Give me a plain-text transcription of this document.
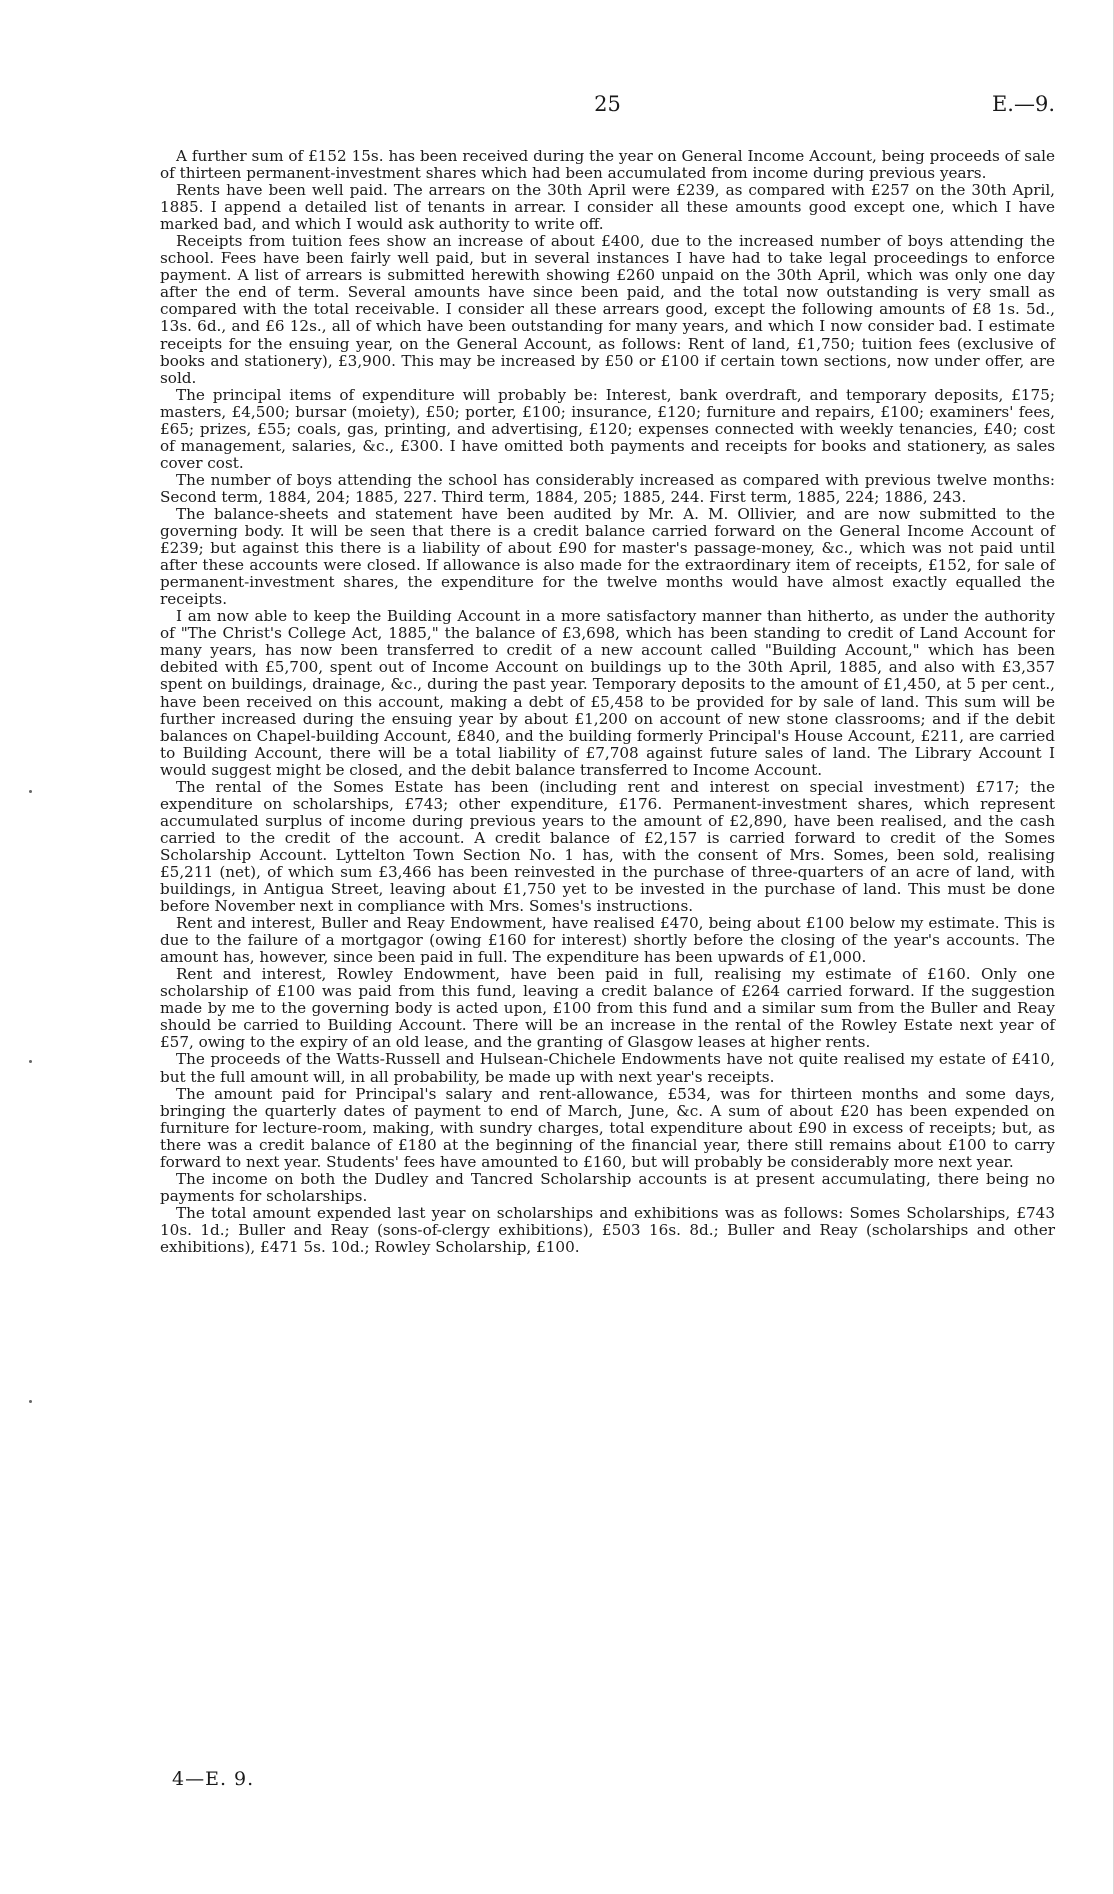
25	E.—9.

A further sum of £152 15s. has been received during the year on General Income Account, being proceeds of sale of thirteen permanent-investment shares which had been accumulated from income during previous years.

Rents have been well paid. The arrears on the 30th April were £239, as compared with £257 on the 30th April, 1885. I append a detailed list of tenants in arrear. I consider all these amounts good except one, which I have marked bad, and which I would ask authority to write off.

Receipts from tuition fees show an increase of about £400, due to the increased number of boys attending the school. Fees have been fairly well paid, but in several instances I have had to take legal proceedings to enforce payment. A list of arrears is submitted herewith showing £260 unpaid on the 30th April, which was only one day after the end of term. Several amounts have since been paid, and the total now outstanding is very small as compared with the total receivable. I consider all these arrears good, except the following amounts of £8 1s. 5d., 13s. 6d., and £6 12s., all of which have been outstanding for many years, and which I now consider bad. I estimate receipts for the ensuing year, on the General Account, as follows: Rent of land, £1,750; tuition fees (exclusive of books and stationery), £3,900. This may be increased by £50 or £100 if certain town sections, now under offer, are sold.

The principal items of expenditure will probably be: Interest, bank overdraft, and temporary deposits, £175; masters, £4,500; bursar (moiety), £50; porter, £100; insurance, £120; furniture and repairs, £100; examiners' fees, £65; prizes, £55; coals, gas, printing, and advertising, £120; expenses connected with weekly tenancies, £40; cost of management, salaries, &c., £300. I have omitted both payments and receipts for books and stationery, as sales cover cost.

The number of boys attending the school has considerably increased as compared with previous twelve months: Second term, 1884, 204; 1885, 227. Third term, 1884, 205; 1885, 244. First term, 1885, 224; 1886, 243.

The balance-sheets and statement have been audited by Mr. A. M. Ollivier, and are now submitted to the governing body. It will be seen that there is a credit balance carried forward on the General Income Account of £239; but against this there is a liability of about £90 for master's passage-money, &c., which was not paid until after these accounts were closed. If allowance is also made for the extraordinary item of receipts, £152, for sale of permanent-investment shares, the expenditure for the twelve months would have almost exactly equalled the receipts.

I am now able to keep the Building Account in a more satisfactory manner than hitherto, as under the authority of "The Christ's College Act, 1885," the balance of £3,698, which has been standing to credit of Land Account for many years, has now been transferred to credit of a new account called "Building Account," which has been debited with £5,700, spent out of Income Account on buildings up to the 30th April, 1885, and also with £3,357 spent on buildings, drainage, &c., during the past year. Temporary deposits to the amount of £1,450, at 5 per cent., have been received on this account, making a debt of £5,458 to be provided for by sale of land. This sum will be further increased during the ensuing year by about £1,200 on account of new stone classrooms; and if the debit balances on Chapel-building Account, £840, and the building formerly Principal's House Account, £211, are carried to Building Account, there will be a total liability of £7,708 against future sales of land. The Library Account I would suggest might be closed, and the debit balance transferred to Income Account.

The rental of the Somes Estate has been (including rent and interest on special investment) £717; the expenditure on scholarships, £743; other expenditure, £176. Permanent-investment shares, which represent accumulated surplus of income during previous years to the amount of £2,890, have been realised, and the cash carried to the credit of the account. A credit balance of £2,157 is carried forward to credit of the Somes Scholarship Account. Lyttelton Town Section No. 1 has, with the consent of Mrs. Somes, been sold, realising £5,211 (net), of which sum £3,466 has been reinvested in the purchase of three-quarters of an acre of land, with buildings, in Antigua Street, leaving about £1,750 yet to be invested in the purchase of land. This must be done before November next in compliance with Mrs. Somes's instructions.

Rent and interest, Buller and Reay Endowment, have realised £470, being about £100 below my estimate. This is due to the failure of a mortgagor (owing £160 for interest) shortly before the closing of the year's accounts. The amount has, however, since been paid in full. The expenditure has been upwards of £1,000.

Rent and interest, Rowley Endowment, have been paid in full, realising my estimate of £160. Only one scholarship of £100 was paid from this fund, leaving a credit balance of £264 carried forward. If the suggestion made by me to the governing body is acted upon, £100 from this fund and a similar sum from the Buller and Reay should be carried to Building Account. There will be an increase in the rental of the Rowley Estate next year of £57, owing to the expiry of an old lease, and the granting of Glasgow leases at higher rents.

The proceeds of the Watts-Russell and Hulsean-Chichele Endowments have not quite realised my estate of £410, but the full amount will, in all probability, be made up with next year's receipts.

The amount paid for Principal's salary and rent-allowance, £534, was for thirteen months and some days, bringing the quarterly dates of payment to end of March, June, &c. A sum of about £20 has been expended on furniture for lecture-room, making, with sundry charges, total expenditure about £90 in excess of receipts; but, as there was a credit balance of £180 at the beginning of the financial year, there still remains about £100 to carry forward to next year. Students' fees have amounted to £160, but will probably be considerably more next year.

The income on both the Dudley and Tancred Scholarship accounts is at present accumulating, there being no payments for scholarships.

The total amount expended last year on scholarships and exhibitions was as follows: Somes Scholarships, £743 10s. 1d.; Buller and Reay (sons-of-clergy exhibitions), £503 16s. 8d.; Buller and Reay (scholarships and other exhibitions), £471 5s. 10d.; Rowley Scholarship, £100.

4—E. 9.
